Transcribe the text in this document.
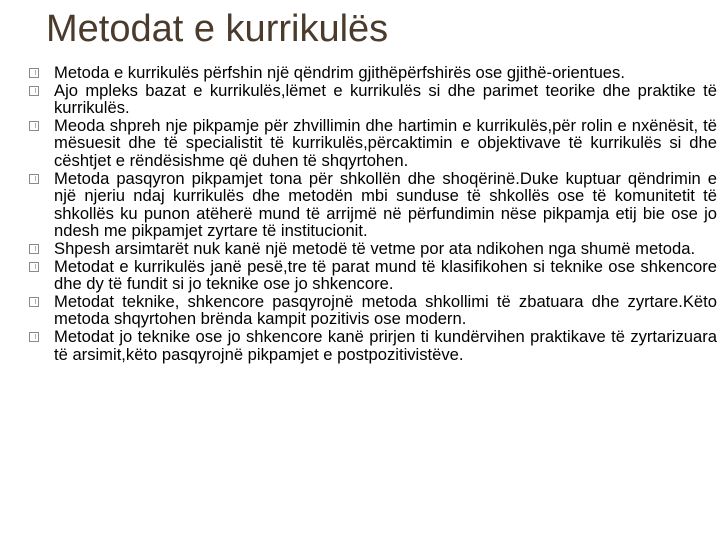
Metodat e kurrikulës
Metoda e kurrikulës përfshin një qëndrim gjithëpërfshirës ose gjithë-orientues.
Ajo mpleks bazat e kurrikulës,lëmet e kurrikulës si dhe parimet teorike dhe praktike të kurrikulës.
Meoda shpreh nje pikpamje për zhvillimin dhe hartimin e kurrikulës,për rolin e nxënësit, të mësuesit dhe të specialistit të kurrikulës,përcaktimin e objektivave të kurrikulës si dhe cështjet e rëndësishme që duhen të shqyrtohen.
Metoda pasqyron pikpamjet tona për shkollën dhe shoqërinë.Duke kuptuar qëndrimin e një njeriu ndaj kurrikulës dhe metodën mbi sunduse të shkollës ose të komunitetit të shkollës ku punon atëherë mund të arrijmë në përfundimin nëse pikpamja etij bie ose jo ndesh me pikpamjet zyrtare të institucionit.
Shpesh arsimtarët nuk kanë një metodë të vetme por ata ndikohen nga shumë metoda.
Metodat e kurrikulës janë pesë,tre të parat mund të klasifikohen si teknike ose shkencore dhe dy të fundit si jo teknike ose jo shkencore.
Metodat teknike, shkencore pasqyrojnë metoda shkollimi të zbatuara dhe zyrtare.Këto metoda shqyrtohen brënda kampit pozitivis ose modern.
Metodat jo teknike ose jo shkencore kanë prirjen ti kundërvihen praktikave të zyrtarizuara të arsimit,këto pasqyrojnë pikpamjet e postpozitivistëve.
